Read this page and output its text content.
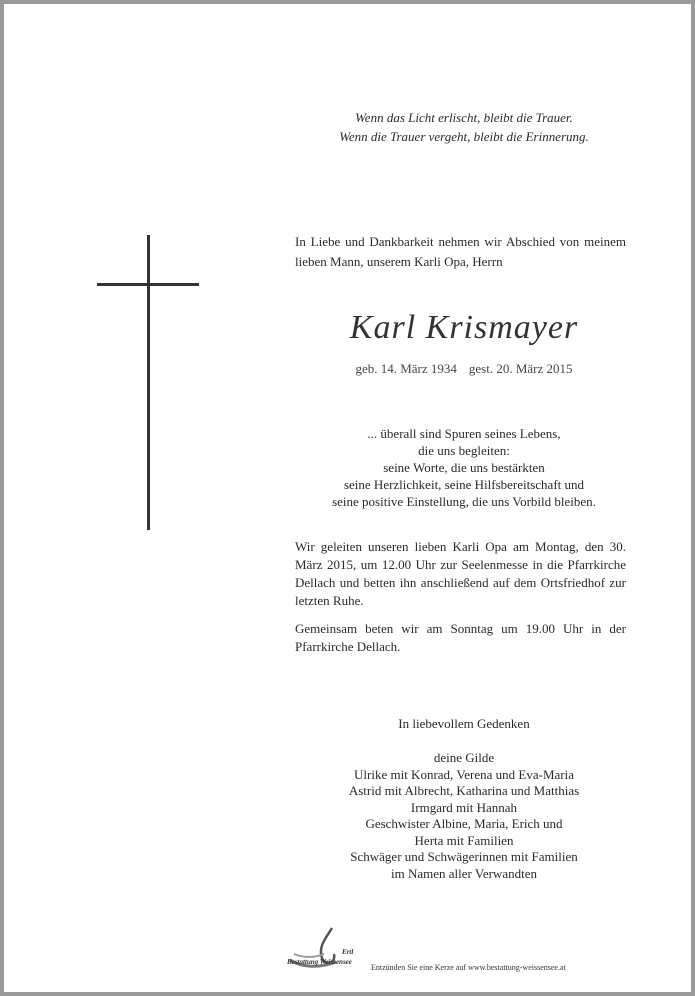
Wenn das Licht erlischt, bleibt die Trauer.
Wenn die Trauer vergeht, bleibt die Erinnerung.
In Liebe und Dankbarkeit nehmen wir Abschied von meinem lieben Mann, unserem Karli Opa, Herrn
Karl Krismayer
geb. 14. März 1934 gest. 20. März 2015
... überall sind Spuren seines Lebens,
die uns begleiten:
seine Worte, die uns bestärkten
seine Herzlichkeit, seine Hilfsbereitschaft und
seine positive Einstellung, die uns Vorbild bleiben.
Wir geleiten unseren lieben Karli Opa am Montag, den 30. März 2015, um 12.00 Uhr zur Seelenmesse in die Pfarrkirche Dellach und betten ihn anschließend auf dem Ortsfriedhof zur letzten Ruhe.
Gemeinsam beten wir am Sonntag um 19.00 Uhr in der Pfarrkirche Dellach.
In liebevollem Gedenken
deine Gilde
Ulrike mit Konrad, Verena und Eva-Maria
Astrid mit Albrecht, Katharina und Matthias
Irmgard mit Hannah
Geschwister Albine, Maria, Erich und
Herta mit Familien
Schwäger und Schwägerinnen mit Familien
im Namen aller Verwandten
Ertl
Bestattung Weissensee
Entzünden Sie eine Kerze auf www.bestattung-weissensee.at
